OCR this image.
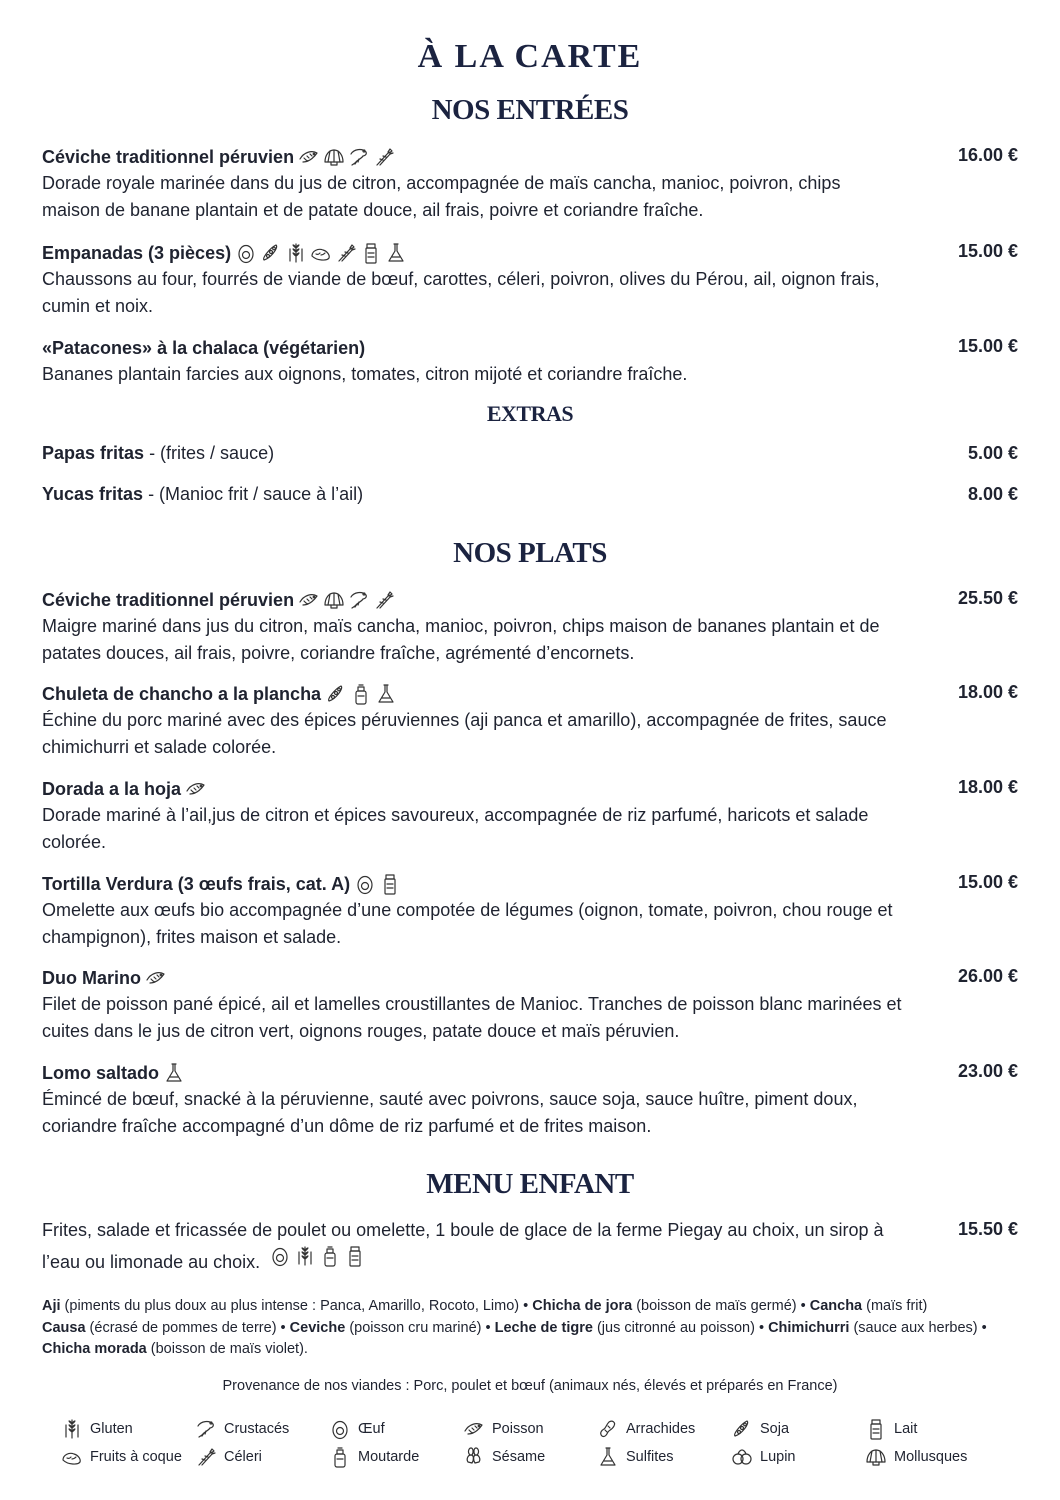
À LA CARTE
NOS ENTRÉES
Céviche traditionnel péruvien	16.00 €
Dorade royale marinée dans du jus de citron, accompagnée de maïs cancha, manioc, poivron, chips maison de banane plantain et de patate douce, ail frais, poivre et coriandre fraîche.
Empanadas (3 pièces)	15.00 €
Chaussons au four, fourrés de viande de bœuf, carottes, céleri, poivron, olives du Pérou, ail, oignon frais, cumin et noix.
«Patacones» à la chalaca (végétarien)	15.00 €
Bananes plantain farcies aux oignons, tomates, citron mijoté et coriandre fraîche.
EXTRAS
Papas fritas - (frites / sauce)	5.00 €
Yucas fritas - (Manioc frit / sauce à l’ail)	8.00 €
NOS PLATS
Céviche traditionnel péruvien	25.50 €
Maigre mariné dans jus du citron, maïs cancha, manioc, poivron, chips maison de bananes plantain et de patates douces, ail frais, poivre, coriandre fraîche, agrémenté d’encornets.
Chuleta de chancho a la plancha	18.00 €
Échine du porc mariné avec des épices péruviennes (aji panca et amarillo), accompagnée de frites, sauce chimichurri et salade colorée.
Dorada a la hoja	18.00 €
Dorade mariné à l’ail,jus de citron et épices savoureux, accompagnée de riz parfumé, haricots et salade colorée.
Tortilla Verdura (3 œufs frais, cat. A)	15.00 €
Omelette aux œufs bio accompagnée d’une compotée de légumes (oignon, tomate, poivron, chou rouge et champignon), frites maison et salade.
Duo Marino	26.00 €
Filet de poisson pané épicé, ail et lamelles croustillantes de Manioc. Tranches de poisson blanc marinées et cuites dans le jus de citron vert, oignons rouges, patate douce et maïs péruvien.
Lomo saltado	23.00 €
Émincé de bœuf, snacké à la péruvienne, sauté avec poivrons, sauce soja, sauce huître, piment doux, coriandre fraîche accompagné d’un dôme de riz parfumé et de frites maison.
MENU ENFANT
Frites, salade et fricassée de poulet ou omelette, 1 boule de glace de la ferme Piegay au choix, un sirop à l’eau ou limonade au choix.
15.50 €
Aji (piments du plus doux au plus intense : Panca, Amarillo, Rocoto, Limo) • Chicha de jora (boisson de maïs germé) • Cancha (maïs frit)
Causa (écrasé de pommes de terre) • Ceviche (poisson cru mariné) • Leche de tigre (jus citronné au poisson) • Chimichurri (sauce aux herbes) • Chicha morada (boisson de maïs violet).
Provenance de nos viandes : Porc, poulet et bœuf (animaux nés, élevés et préparés en France)
Gluten	Crustacés	Œuf	Poisson	Arrachides	Soja	Lait
Fruits à coque	Céleri	Moutarde	Sésame	Sulfites	Lupin	Mollusques
